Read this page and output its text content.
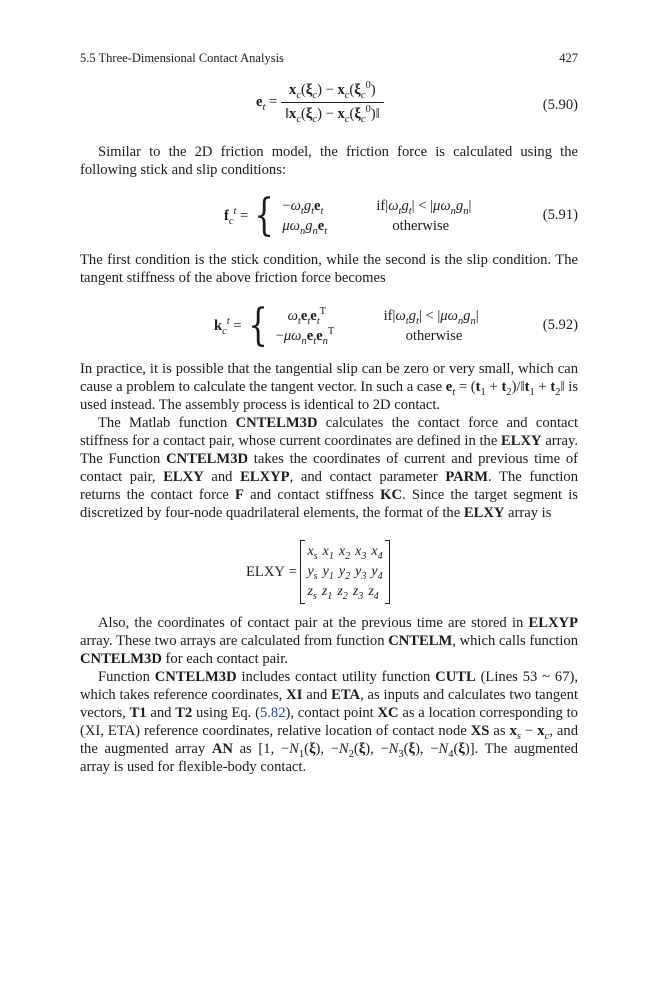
5.5 Three-Dimensional Contact Analysis	427
$e_t = \frac{x_c(\xi_c) - x_c(\xi_c^0)}{‖x_c(\xi_c) - x_c(\xi_c^0)‖}$	(5.90)

Similar to the 2D friction model, the friction force is calculated using the following stick and slip conditions:

$f_c^t$ = { $-\omega_tg_te_t$	$if|\omega_tg_t| < |\mu\omega_ng_n|$
$\mu\omega_ng_ne_t$	otherwise
(5.91)

The first condition is the stick condition, while the second is the slip condition. The tangent stiffness of the above friction force becomes

$k_c^t$ = {	$\omega_te_te_t^T$	$if|\omega_tg_t| < |\mu\omega_ng_n|$
$-\mu\omega_ne_te_n^T$	otherwise
(5.92)

In practice, it is possible that the tangential slip can be zero or very small, which can cause a problem to calculate the tangent vector. In such a case $e_t = (t_1$ + $t_2)/‖t_1$ + $t_2‖$ is used instead. The assembly process is identical to 2D contact.

The Matlab function CNTELM3D calculates the contact force and contact stiffness for a contact pair, whose current coordinates are defined in the ELXY array. The Function CNTELM3D takes the coordinates of current and previous time of contact pair, ELXY and ELXYP, and contact parameter PARM. The function returns the contact force F and contact stiffness KC. Since the target segment is discretized by four-node quadrilateral elements, the format of the ELXY array is

ELXY =
$x_s$ $x_1$ $x_2$ $x_3$ $x_4$
$y_s$ $y_1$ $y_2$ $y_3$ $y_4$
$z_s$ $z_1$ $z_2$ $z_3$ $z_4$

Also, the coordinates of contact pair at the previous time are stored in ELXYP array. These two arrays are calculated from function CNTELM, which calls function CNTELM3D for each contact pair.

Function CNTELM3D includes contact utility function CUTL (Lines 53 ~ 67), which takes reference coordinates, XI and ETA, as inputs and calculates two tangent vectors, T1 and T2 using Eq. (5.82), contact point XC as a location corresponding to (XI, ETA) reference coordinates, relative location of contact node XS as $x_s - x_c$, and the augmented array AN as [1, $-N_1(\xi)$, $-N_2(\xi)$, $-N_3(\xi)$, $-N_4(\xi)$]. The augmented array is used for flexible-body contact.
